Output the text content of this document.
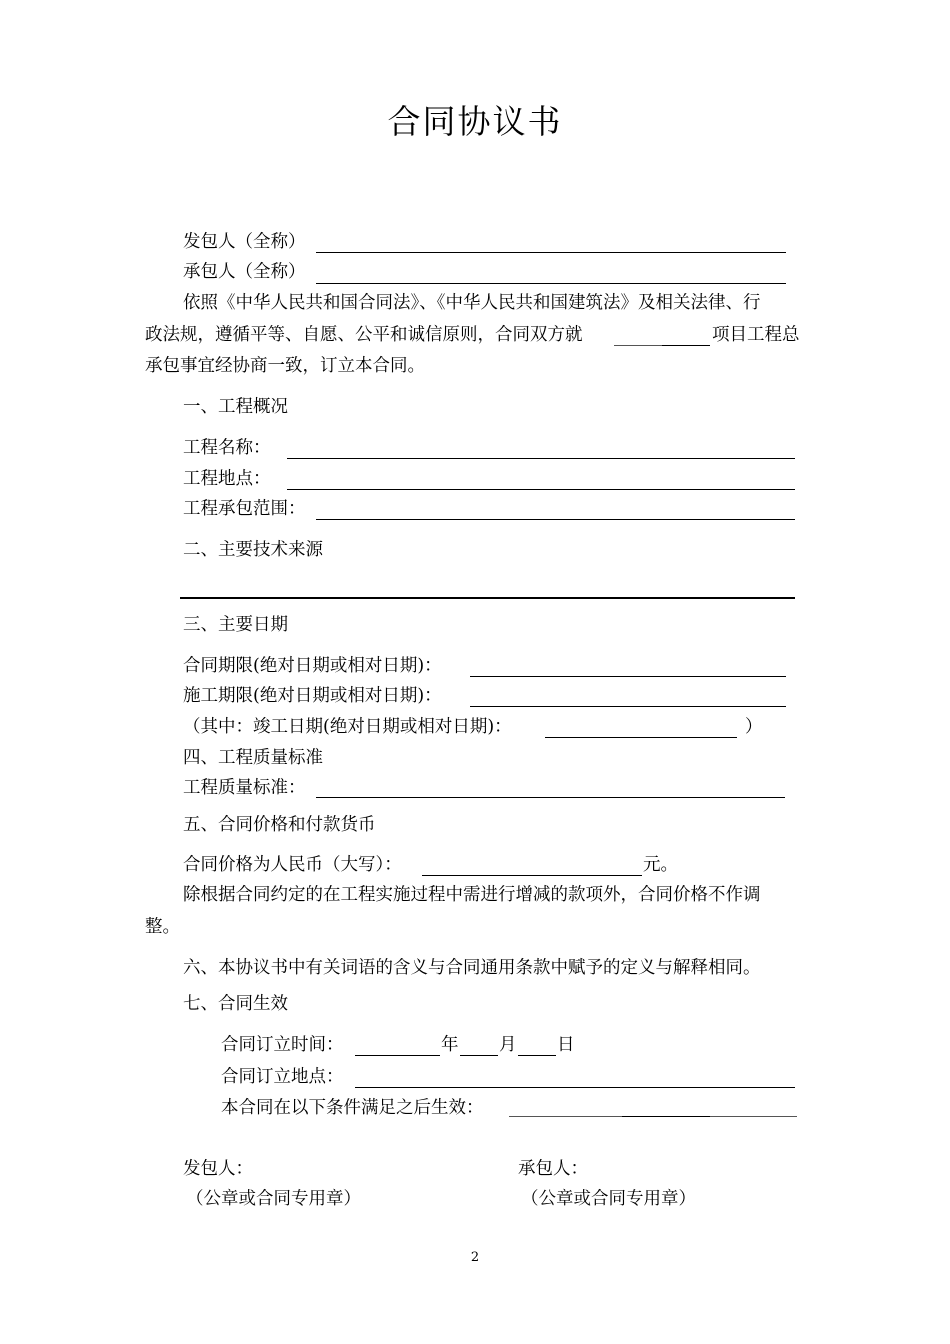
合同协议书
发包人（全称）
承包人（全称）
依照《中华人民共和国合同法》、《中华人民共和国建筑法》及相关法律、行
政法规，遵循平等、自愿、公平和诚信原则，合同双方就	项目工程总
承包事宜经协商一致，订立本合同。
一、工程概况
工程名称：
工程地点：
工程承包范围：
二、主要技术来源
三、主要日期
合同期限(绝对日期或相对日期)：
施工期限(绝对日期或相对日期)：
（其中：竣工日期(绝对日期或相对日期)：	）
四、工程质量标准
工程质量标准：
五、合同价格和付款货币
合同价格为人民币（大写）：	元。
除根据合同约定的在工程实施过程中需进行增减的款项外，合同价格不作调
整。
六、本协议书中有关词语的含义与合同通用条款中赋予的定义与解释相同。
七、合同生效
合同订立时间：	年 月 日
合同订立地点：
本合同在以下条件满足之后生效：
发包人：
（公章或合同专用章）
承包人：
（公章或合同专用章）
2
